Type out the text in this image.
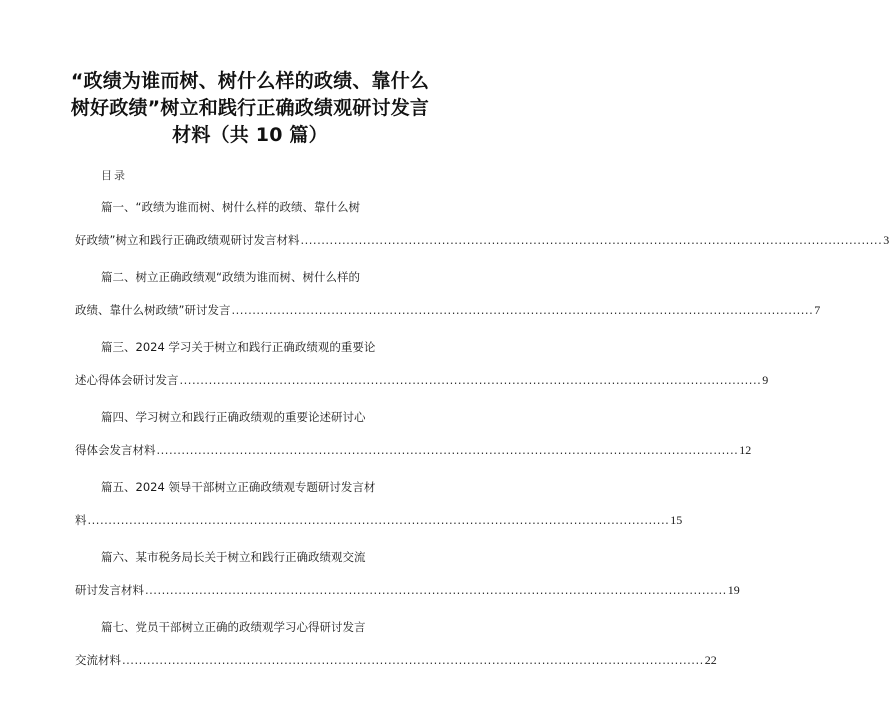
“政绩为谁而树、树什么样的政绩、靠什么
树好政绩”树立和践行正确政绩观研讨发言
材料（共 10 篇）
目录
篇一、“政绩为谁而树、树什么样的政绩、靠什么树
好政绩”树立和践行正确政绩观研讨发言材料 ............................................................................................................................................ 3
篇二、树立正确政绩观“政绩为谁而树、树什么样的
政绩、靠什么树政绩”研讨发言 ............................................................................................................................................ 7
篇三、2024 学习关于树立和践行正确政绩观的重要论
述心得体会研讨发言 ............................................................................................................................................ 9
篇四、学习树立和践行正确政绩观的重要论述研讨心
得体会发言材料 ............................................................................................................................................ 12
篇五、2024 领导干部树立正确政绩观专题研讨发言材
料 ............................................................................................................................................ 15
篇六、某市税务局长关于树立和践行正确政绩观交流
研讨发言材料 ............................................................................................................................................ 19
篇七、党员干部树立正确的政绩观学习心得研讨发言
交流材料 ............................................................................................................................................ 22
